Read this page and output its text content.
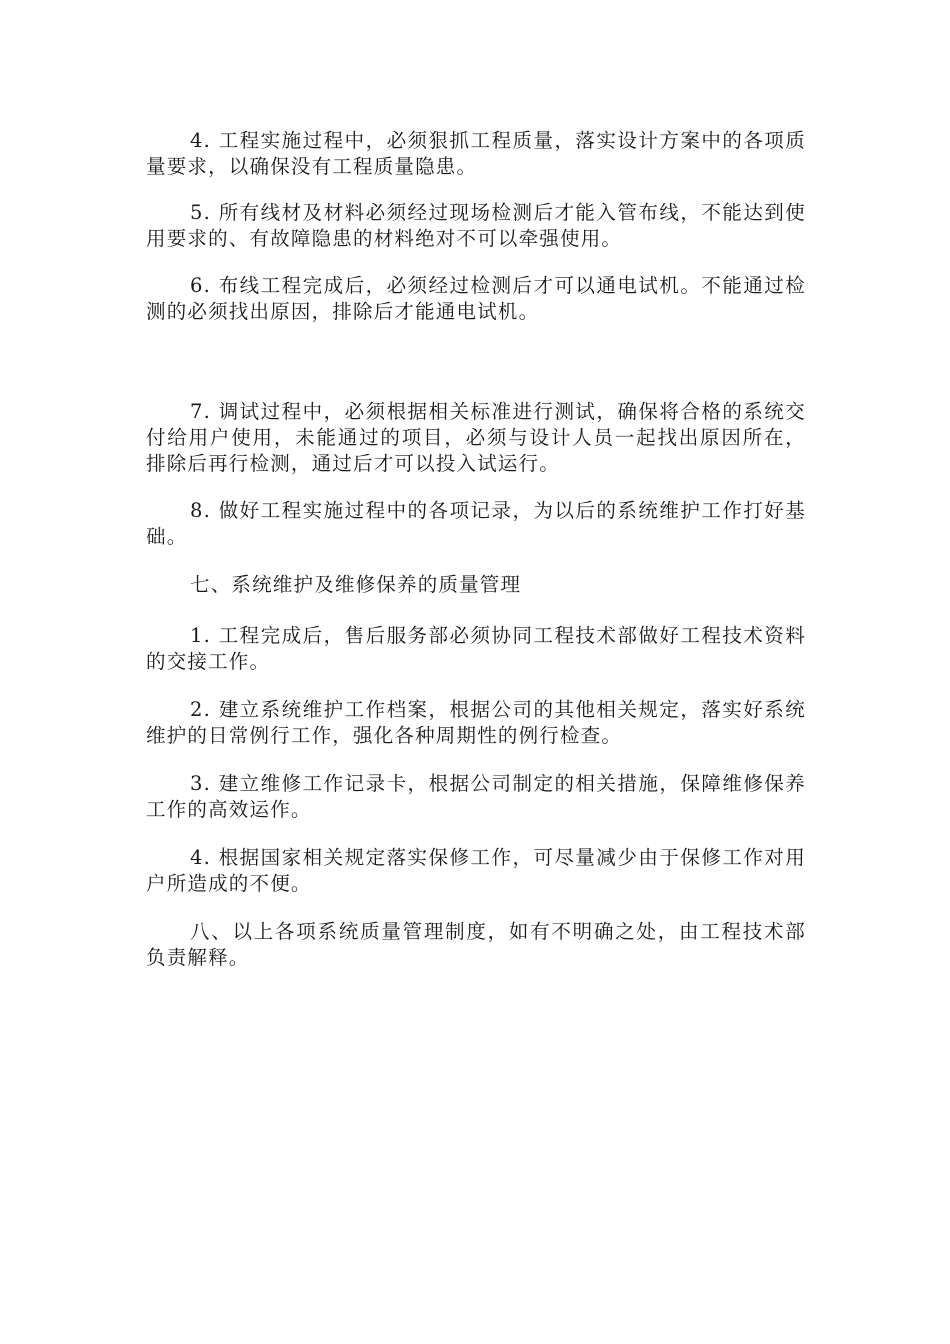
4. 工程实施过程中，必须狠抓工程质量，落实设计方案中的各项质量要求，以确保没有工程质量隐患。

5. 所有线材及材料必须经过现场检测后才能入管布线，不能达到使用要求的、有故障隐患的材料绝对不可以牵强使用。

6. 布线工程完成后，必须经过检测后才可以通电试机。不能通过检测的必须找出原因，排除后才能通电试机。

7. 调试过程中，必须根据相关标准进行测试，确保将合格的系统交付给用户使用，未能通过的项目，必须与设计人员一起找出原因所在，排除后再行检测，通过后才可以投入试运行。

8. 做好工程实施过程中的各项记录，为以后的系统维护工作打好基础。

七、系统维护及维修保养的质量管理

1. 工程完成后，售后服务部必须协同工程技术部做好工程技术资料的交接工作。

2. 建立系统维护工作档案，根据公司的其他相关规定，落实好系统维护的日常例行工作，强化各种周期性的例行检查。

3. 建立维修工作记录卡，根据公司制定的相关措施，保障维修保养工作的高效运作。

4. 根据国家相关规定落实保修工作，可尽量减少由于保修工作对用户所造成的不便。

八、以上各项系统质量管理制度，如有不明确之处，由工程技术部负责解释。
